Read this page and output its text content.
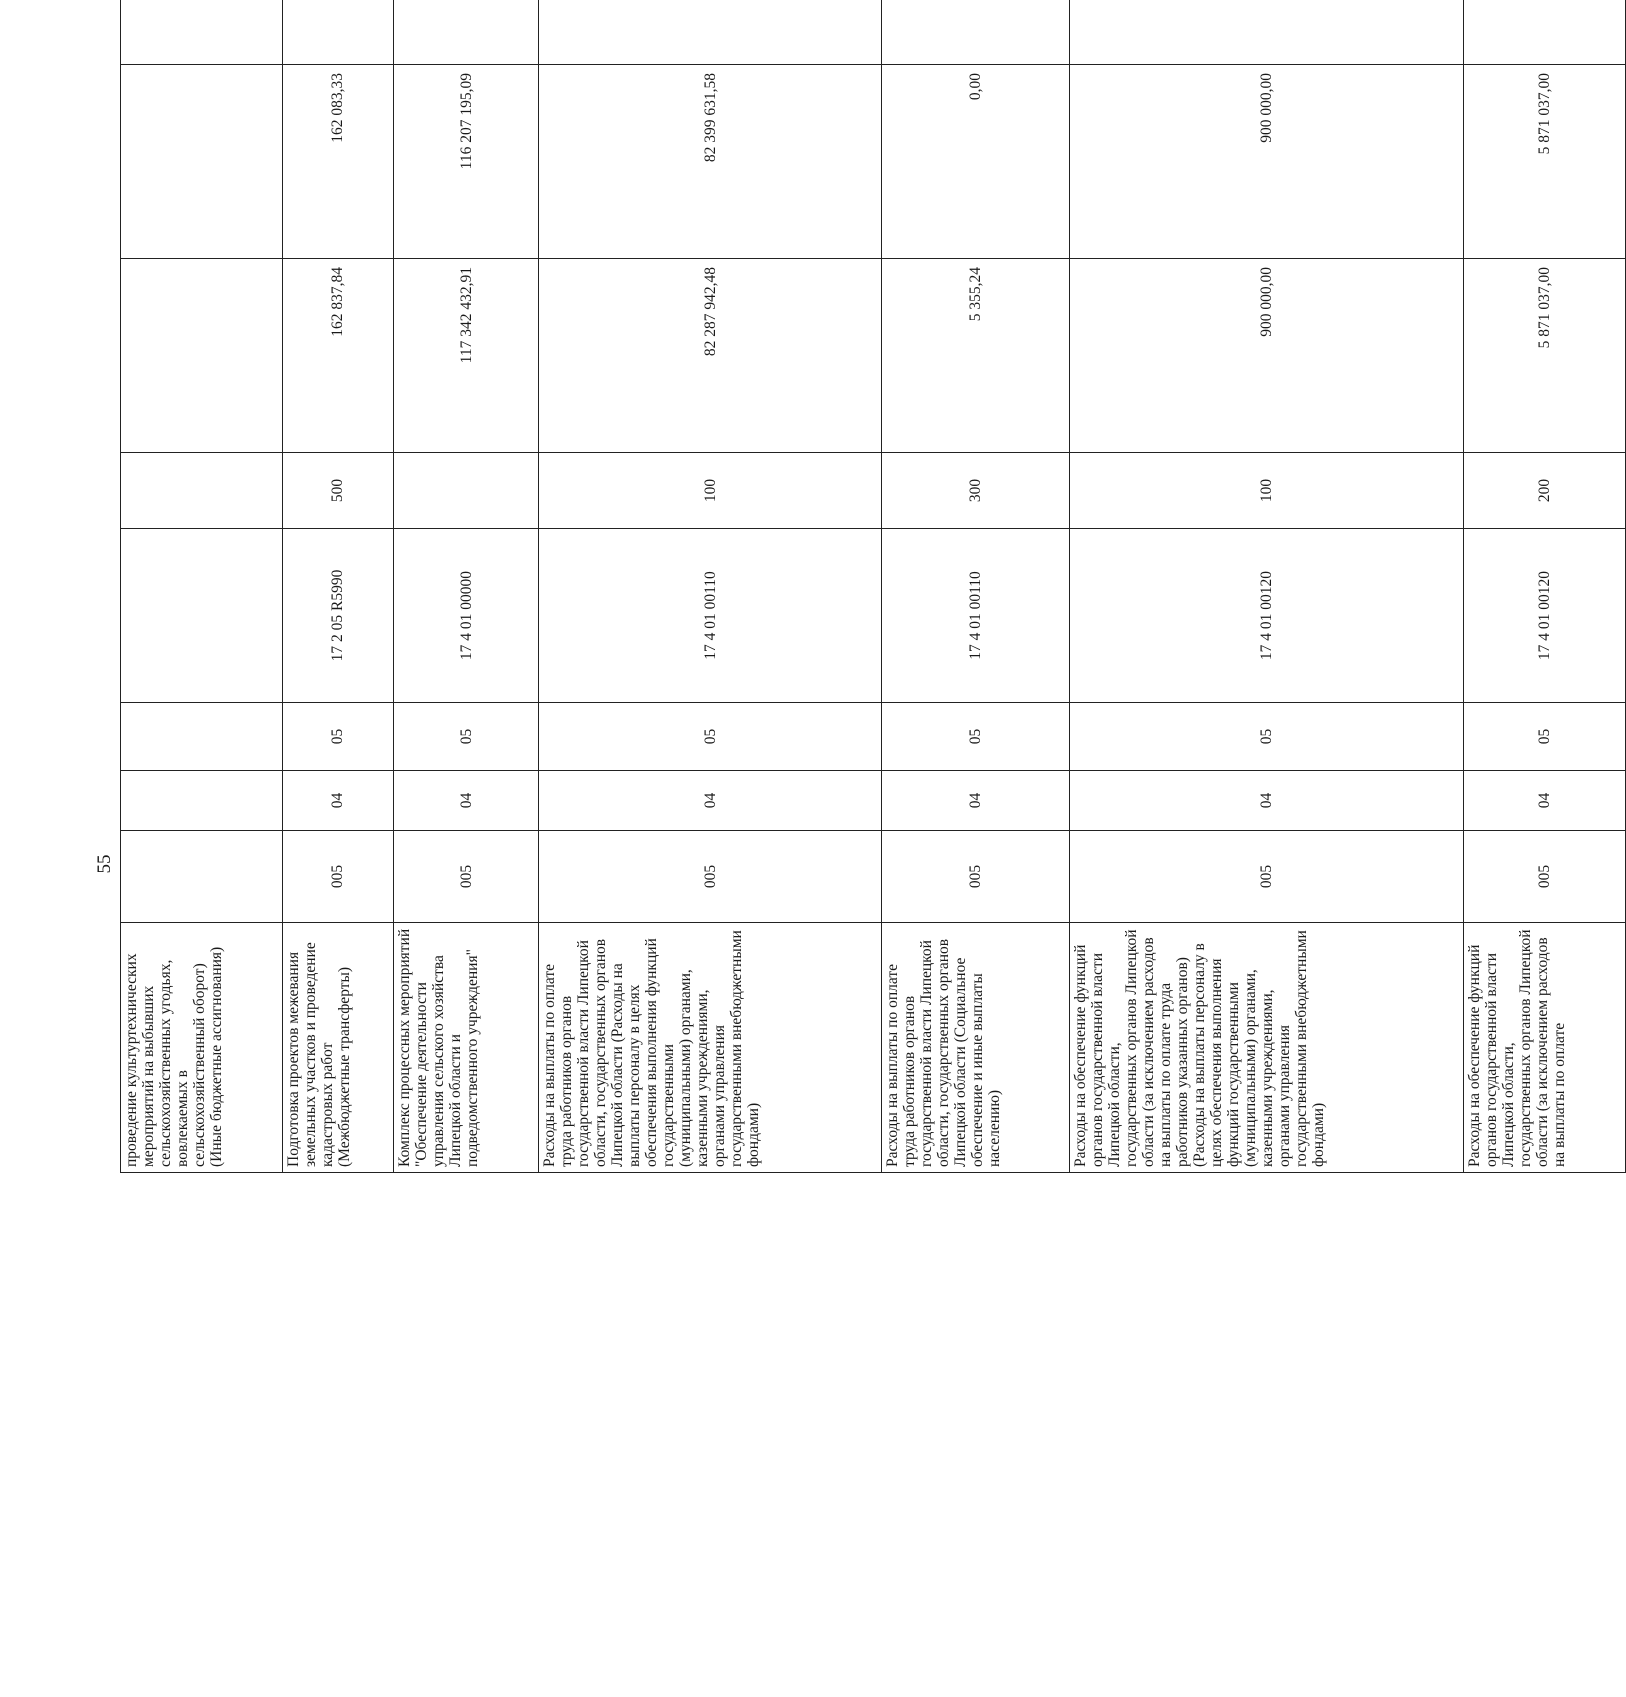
55
проведение культуртехнических мероприятий на выбывших сельскохозяйственных угодьях, вовлекаемых в сельскохозяйственный оборот) (Иные бюджетные ассигнования)								
Подготовка проектов межевания земельных участков и проведение кадастровых работ (Межбюджетные трансферты)	005	04	05	17 2 05 R5990	500	162 837,84	162 083,33	
Комплекс процессных мероприятий "Обеспечение деятельности управления сельского хозяйства Липецкой области и подведомственного учреждения"	005	04	05	17 4 01 00000		117 342 432,91	116 207 195,09	
Расходы на выплаты по оплате труда работников органов государственной власти Липецкой области, государственных органов Липецкой области (Расходы на выплаты персоналу в целях обеспечения выполнения функций государственными (муниципальными) органами, казенными учреждениями, органами управления государственными внебюджетными фондами)	005	04	05	17 4 01 00110	100	82 287 942,48	82 399 631,58	
Расходы на выплаты по оплате труда работников органов государственной власти Липецкой области, государственных органов Липецкой области (Социальное обеспечение и иные выплаты населению)	005	04	05	17 4 01 00110	300	5 355,24	0,00	
Расходы на обеспечение функций органов государственной власти Липецкой области, государственных органов Липецкой области (за исключением расходов на выплаты по оплате труда работников указанных органов) (Расходы на выплаты персоналу в целях обеспечения выполнения функций государственными (муниципальными) органами, казенными учреждениями, органами управления государственными внебюджетными фондами)	005	04	05	17 4 01 00120	100	900 000,00	900 000,00	
Расходы на обеспечение функций органов государственной власти Липецкой области, государственных органов Липецкой области (за исключением расходов на выплаты по оплате	005	04	05	17 4 01 00120	200	5 871 037,00	5 871 037,00	
